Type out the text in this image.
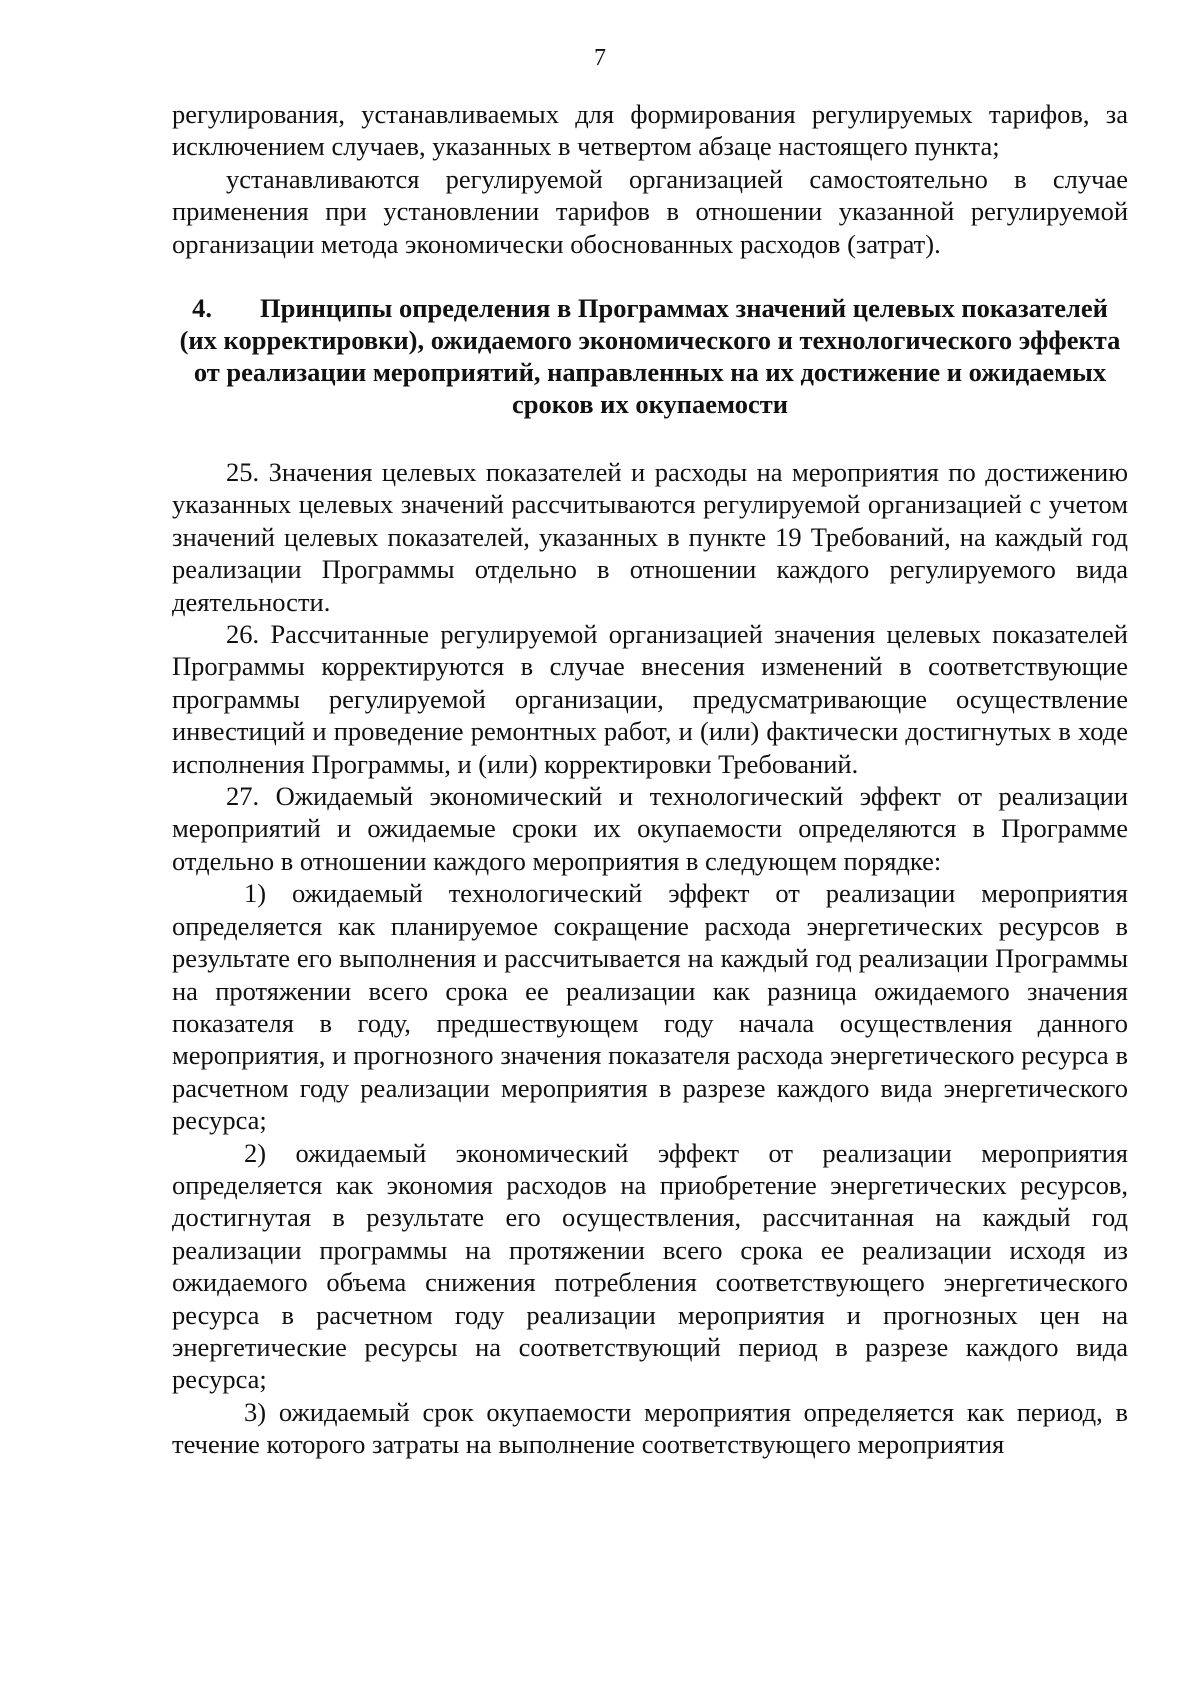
7

регулирования, устанавливаемых для формирования регулируемых тарифов, за исключением случаев, указанных в четвертом абзаце настоящего пункта;

устанавливаются регулируемой организацией самостоятельно в случае применения при установлении тарифов в отношении указанной регулируемой организации метода экономически обоснованных расходов (затрат).

4. Принципы определения в Программах значений целевых показателей (их корректировки), ожидаемого экономического и технологического эффекта от реализации мероприятий, направленных на их достижение и ожидаемых сроков их окупаемости

25. Значения целевых показателей и расходы на мероприятия по достижению указанных целевых значений рассчитываются регулируемой организацией с учетом значений целевых показателей, указанных в пункте 19 Требований, на каждый год реализации Программы отдельно в отношении каждого регулируемого вида деятельности.

26. Рассчитанные регулируемой организацией значения целевых показателей Программы корректируются в случае внесения изменений в соответствующие программы регулируемой организации, предусматривающие осуществление инвестиций и проведение ремонтных работ, и (или) фактически достигнутых в ходе исполнения Программы, и (или) корректировки Требований.

27. Ожидаемый экономический и технологический эффект от реализации мероприятий и ожидаемые сроки их окупаемости определяются в Программе отдельно в отношении каждого мероприятия в следующем порядке:

1) ожидаемый технологический эффект от реализации мероприятия определяется как планируемое сокращение расхода энергетических ресурсов в результате его выполнения и рассчитывается на каждый год реализации Программы на протяжении всего срока ее реализации как разница ожидаемого значения показателя в году, предшествующем году начала осуществления данного мероприятия, и прогнозного значения показателя расхода энергетического ресурса в расчетном году реализации мероприятия в разрезе каждого вида энергетического ресурса;

2) ожидаемый экономический эффект от реализации мероприятия определяется как экономия расходов на приобретение энергетических ресурсов, достигнутая в результате его осуществления, рассчитанная на каждый год реализации программы на протяжении всего срока ее реализации исходя из ожидаемого объема снижения потребления соответствующего энергетического ресурса в расчетном году реализации мероприятия и прогнозных цен на энергетические ресурсы на соответствующий период в разрезе каждого вида ресурса;

3) ожидаемый срок окупаемости мероприятия определяется как период, в течение которого затраты на выполнение соответствующего мероприятия
